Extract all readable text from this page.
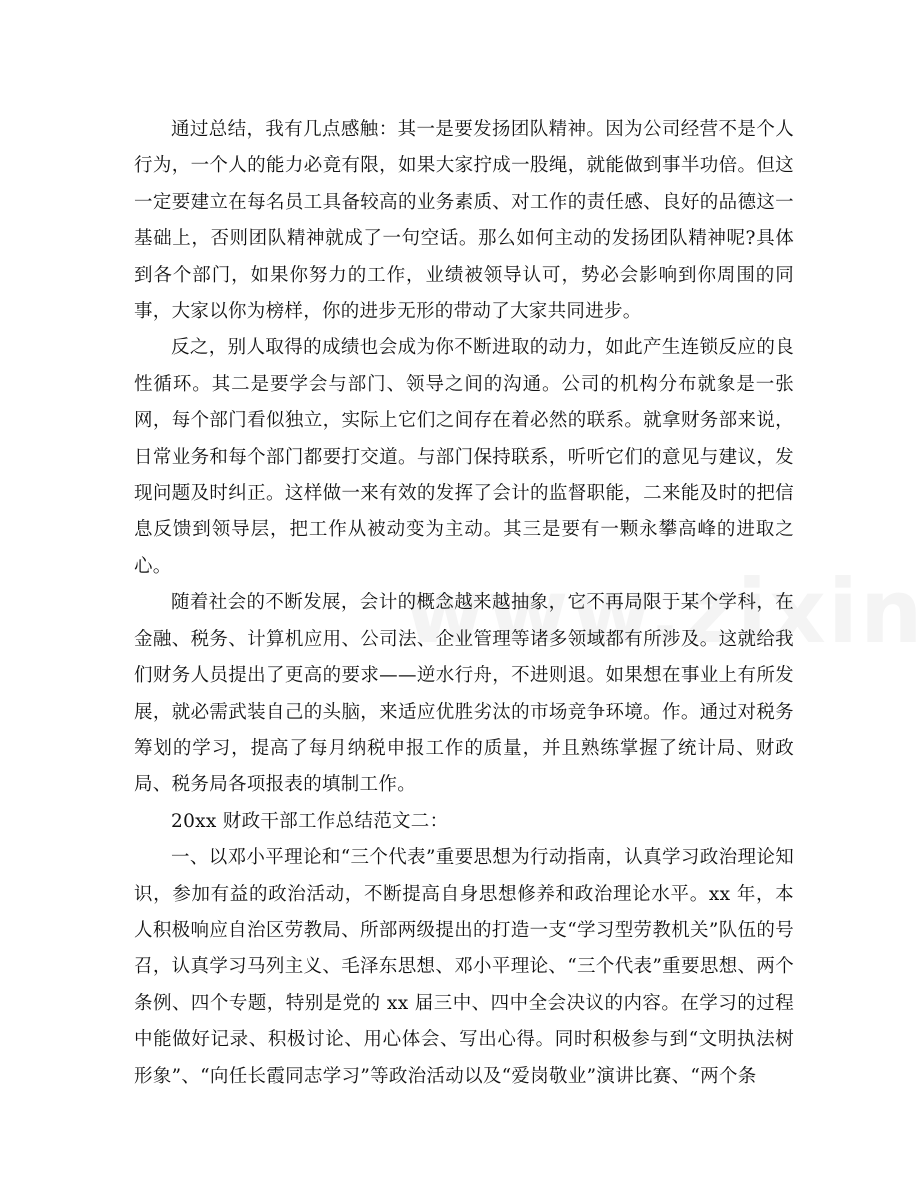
通过总结，我有几点感触：其一是要发扬团队精神。因为公司经营不是个人行为，一个人的能力必竟有限，如果大家拧成一股绳，就能做到事半功倍。但这一定要建立在每名员工具备较高的业务素质、对工作的责任感、良好的品德这一基础上，否则团队精神就成了一句空话。那么如何主动的发扬团队精神呢?具体到各个部门，如果你努力的工作，业绩被领导认可，势必会影响到你周围的同事，大家以你为榜样，你的进步无形的带动了大家共同进步。

反之，别人取得的成绩也会成为你不断进取的动力，如此产生连锁反应的良性循环。其二是要学会与部门、领导之间的沟通。公司的机构分布就象是一张网，每个部门看似独立，实际上它们之间存在着必然的联系。就拿财务部来说，日常业务和每个部门都要打交道。与部门保持联系，听听它们的意见与建议，发现问题及时纠正。这样做一来有效的发挥了会计的监督职能，二来能及时的把信息反馈到领导层，把工作从被动变为主动。其三是要有一颗永攀高峰的进取之心。

随着社会的不断发展，会计的概念越来越抽象，它不再局限于某个学科，在金融、税务、计算机应用、公司法、企业管理等诸多领域都有所涉及。这就给我们财务人员提出了更高的要求——逆水行舟，不进则退。如果想在事业上有所发展，就必需武装自己的头脑，来适应优胜劣汰的市场竞争环境。作。通过对税务筹划的学习，提高了每月纳税申报工作的质量，并且熟练掌握了统计局、财政局、税务局各项报表的填制工作。

20xx 财政干部工作总结范文二：

一、以邓小平理论和“三个代表”重要思想为行动指南，认真学习政治理论知识，参加有益的政治活动，不断提高自身思想修养和政治理论水平。xx 年，本人积极响应自治区劳教局、所部两级提出的打造一支“学习型劳教机关”队伍的号召，认真学习马列主义、毛泽东思想、邓小平理论、“三个代表”重要思想、两个条例、四个专题，特别是党的 xx 届三中、四中全会决议的内容。在学习的过程中能做好记录、积极讨论、用心体会、写出心得。同时积极参与到“文明执法树形象”、“向任长霞同志学习”等政治活动以及“爱岗敬业”演讲比赛、“两个条
